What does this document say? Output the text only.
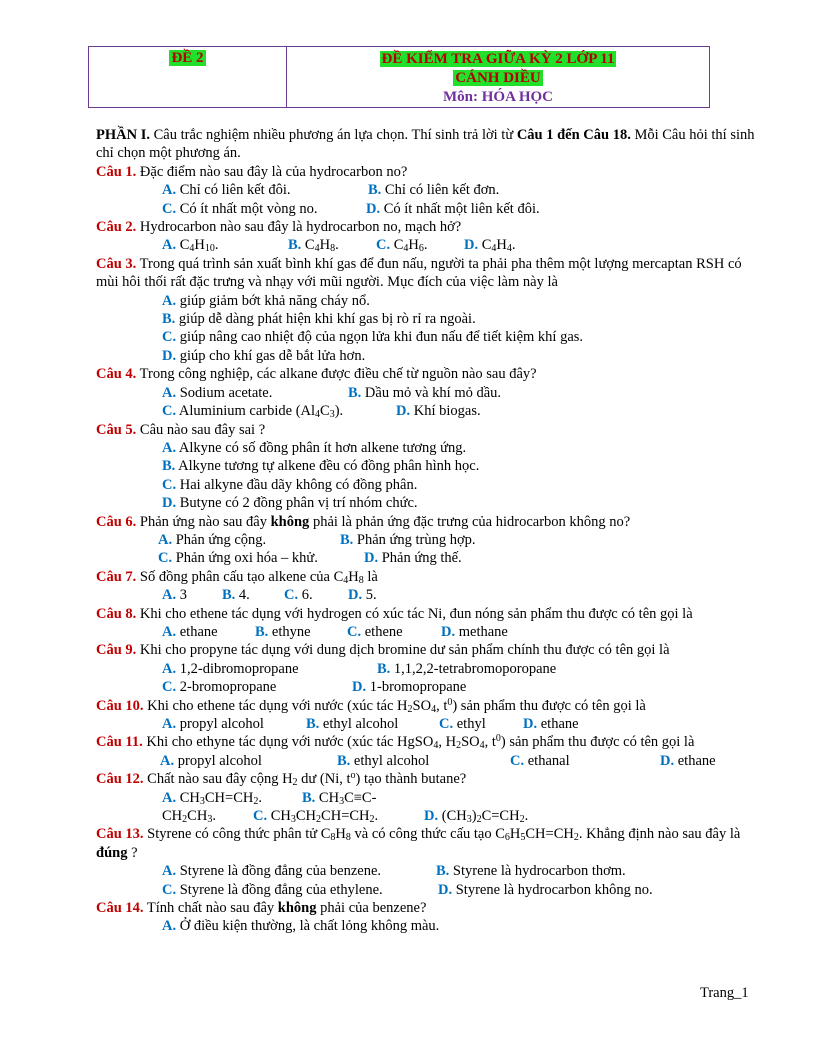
ĐỀ 2	ĐỀ KIỂM TRA GIỮA KỲ 2 LỚP 11
CÁNH DIỀU
Môn: HÓA HỌC

PHẦN I. Câu trắc nghiệm nhiều phương án lựa chọn. Thí sinh trả lời từ Câu 1 đến Câu 18. Mỗi Câu hỏi thí sinh chỉ chọn một phương án.

Câu 1. Đặc điểm nào sau đây là của hydrocarbon no?

A. Chỉ có liên kết đôi.	B. Chỉ có liên kết đơn.
C. Có ít nhất một vòng no.	D. Có ít nhất một liên kết đôi.

Câu 2. Hydrocarbon nào sau đây là hydrocarbon no, mạch hở?

A. $C_4H_{10}$.	B. $C_4H_8$.	C. $C_4H_6$.	D. $C_4H_4$.

Câu 3. Trong quá trình sản xuất bình khí gas để đun nấu, người ta phải pha thêm một lượng mercaptan RSH có mùi hôi thối rất đặc trưng và nhạy với mũi người. Mục đích của việc làm này là

A. giúp giảm bớt khả năng cháy nổ.
B. giúp dễ dàng phát hiện khi khí gas bị rò rỉ ra ngoài.
C. giúp nâng cao nhiệt độ của ngọn lửa khi đun nấu để tiết kiệm khí gas.
D. giúp cho khí gas dễ bắt lửa hơn.

Câu 4. Trong công nghiệp, các alkane được điều chế từ nguồn nào sau đây?

A. Sodium acetate.	B. Dầu mỏ và khí mỏ dầu.
C. Aluminium carbide $(Al_4C_3)$.	D. Khí biogas.

Câu 5. Câu nào sau đây sai ?

A. Alkyne có số đồng phân ít hơn alkene tương ứng.
B. Alkyne tương tự alkene đều có đồng phân hình học.
C. Hai alkyne đầu dãy không có đồng phân.
D. Butyne có 2 đồng phân vị trí nhóm chức.

Câu 6. Phản ứng nào sau đây không phải là phản ứng đặc trưng của hidrocarbon không no?

A. Phản ứng cộng.	B. Phản ứng trùng hợp.
C. Phản ứng oxi hóa – khử.	D. Phản ứng thế.

Câu 7. Số đồng phân cấu tạo alkene của $C_4H_8$ là

A. 3	B. 4.	C. 6.	D. 5.

Câu 8. Khi cho ethene tác dụng với hydrogen có xúc tác Ni, đun nóng sản phẩm thu được có tên gọi là

A. ethane	B. ethyne	C. ethene	D. methane

Câu 9. Khi cho propyne tác dụng với dung dịch bromine dư sản phẩm chính thu được có tên gọi là

A. 1,2-dibromopropane	B. 1,1,2,2-tetrabromoporopane
C. 2-bromopropane	D. 1-bromopropane

Câu 10. Khi cho ethene tác dụng với nước (xúc tác $H_2SO_4$, $t^0$) sản phẩm thu được có tên gọi là

A. propyl alcohol	B. ethyl alcohol	C. ethyl	D. ethane

Câu 11. Khi cho ethyne tác dụng với nước (xúc tác HgSO$_4$, $H_2SO_4$, $t^0$) sản phẩm thu được có tên gọi là

A. propyl alcohol	B. ethyl alcohol	C. ethanal	D. ethane

Câu 12. Chất nào sau đây cộng $H_2$ dư (Ni, $t^o$) tạo thành butane?

A. $CH_3CH=CH_2$.	B. $CH_3C\equiv C-$
$CH_2CH_3$.	C. $CH_3CH_2CH=CH_2$.	D. $(CH_3)_2C=CH_2$.

Câu 13. Styrene có công thức phân tử $C_8H_8$ và có công thức cấu tạo $C_6H_5CH=CH_2$. Khẳng định nào sau đây là đúng ?

A. Styrene là đồng đẳng của benzene.	B. Styrene là hydrocarbon thơm.
C. Styrene là đồng đẳng của ethylene.	D. Styrene là hydrocarbon không no.

Câu 14. Tính chất nào sau đây không phải của benzene?

A. Ở điều kiện thường, là chất lỏng không màu.
Trang_1
